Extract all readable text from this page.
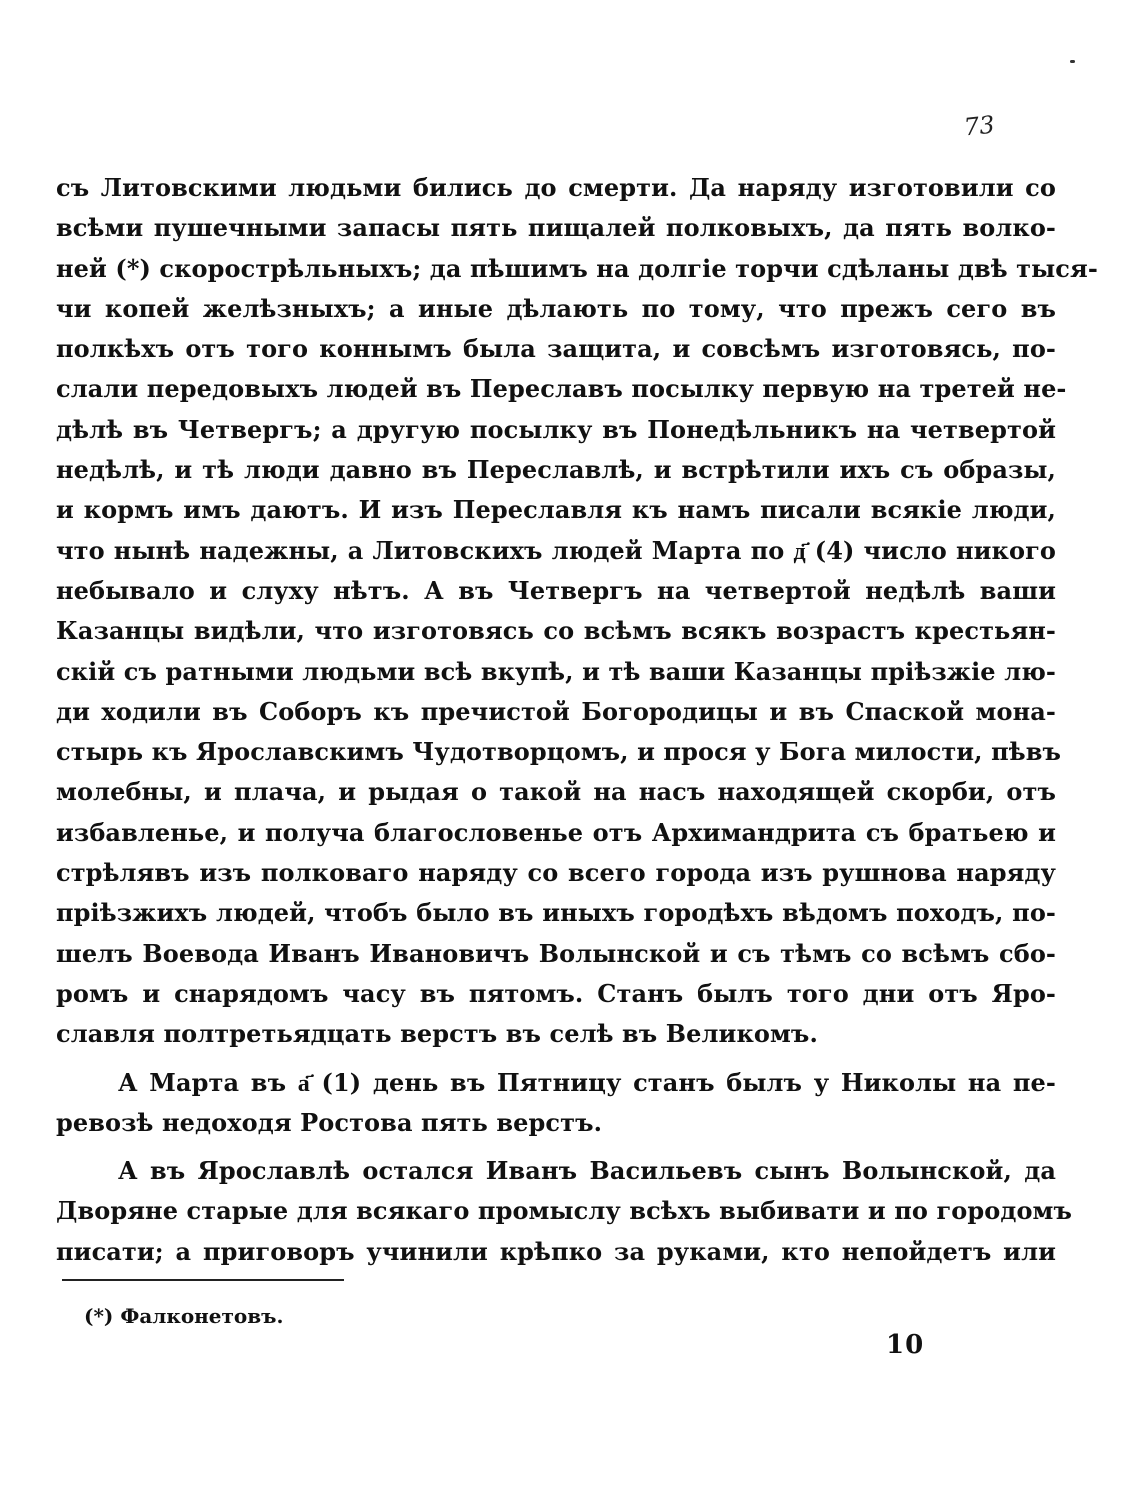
73
съ Литовскими людьми бились до смерти. Да наряду изготовили со
всѣми пушечными запасы пять пищалей полковыхъ, да пять волко-
ней (*) скорострѣльныхъ; да пѣшимъ на долгіе торчи сдѣланы двѣ тыся-
чи копей желѣзныхъ; а иные дѣлають по тому, что прежъ сего въ
полкѣхъ отъ того коннымъ была защита, и совсѣмъ изготовясь, по-
слали передовыхъ людей въ Переславъ посылку первую на третей не-
дѣлѣ въ Четвергъ; а другую посылку въ Понедѣльникъ на четвертой
недѣлѣ, и тѣ люди давно въ Переславлѣ, и встрѣтили ихъ съ образы,
и кормъ имъ даютъ. И изъ Переславля къ намъ писали всякіе люди,
что нынѣ надежны, а Литовскихъ людей Марта по д҃ (4) число никого
небывало и слуху нѣтъ. А въ Четвергъ на четвертой недѣлѣ ваши
Казанцы видѣли, что изготовясь со всѣмъ всякъ возрастъ крестьян-
скій съ ратными людьми всѣ вкупѣ, и тѣ ваши Казанцы пріѣзжіе лю-
ди ходили въ Соборъ къ пречистой Богородицы и въ Спаской мона-
стырь къ Ярославскимъ Чудотворцомъ, и прося у Бога милости, пѣвъ
молебны, и плача, и рыдая о такой на насъ находящей скорби, отъ
избавленье, и получа благословенье отъ Архимандрита съ братьею и
стрѣлявъ изъ полковаго наряду со всего города изъ рушнова наряду
пріѣзжихъ людей, чтобъ было въ иныхъ городѣхъ вѣдомъ походъ, по-
шелъ Воевода Иванъ Ивановичъ Волынской и съ тѣмъ со всѣмъ сбо-
ромъ и снарядомъ часу въ пятомъ. Станъ былъ того дни отъ Яро-
славля полтретьядцать верстъ въ селѣ въ Великомъ.
А Марта въ а҃ (1) день въ Пятницу станъ былъ у Николы на пе-
ревозѣ недоходя Ростова пять верстъ.
А въ Ярославлѣ остался Иванъ Васильевъ сынъ Волынской, да
Дворяне старые для всякаго промыслу всѣхъ выбивати и по городомъ
писати; а приговоръ учинили крѣпко за руками, кто непойдетъ или
(*) Фалконетовъ.
10
